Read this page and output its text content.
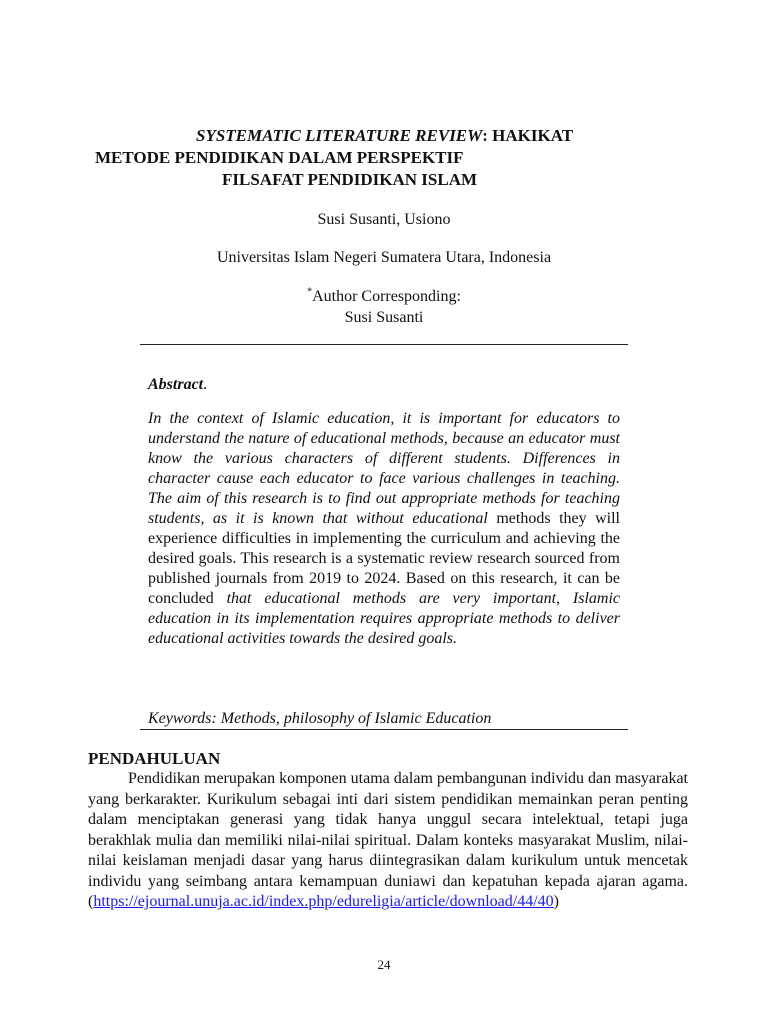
SYSTEMATIC LITERATURE REVIEW: HAKIKAT
METODE PENDIDIKAN DALAM PERSPEKTIF
FILSAFAT PENDIDIKAN ISLAM
Susi Susanti, Usiono
Universitas Islam Negeri Sumatera Utara, Indonesia
*Author Corresponding:
Susi Susanti
Abstract.
In the context of Islamic education, it is important for educators to understand the nature of educational methods, because an educator must know the various characters of different students. Differences in character cause each educator to face various challenges in teaching. The aim of this research is to find out appropriate methods for teaching students, as it is known that without educational methods they will experience difficulties in implementing the curriculum and achieving the desired goals. This research is a systematic review research sourced from published journals from 2019 to 2024. Based on this research, it can be concluded that educational methods are very important, Islamic education in its implementation requires appropriate methods to deliver educational activities towards the desired goals.
Keywords: Methods, philosophy of Islamic Education
PENDAHULUAN
Pendidikan merupakan komponen utama dalam pembangunan individu dan masyarakat yang berkarakter. Kurikulum sebagai inti dari sistem pendidikan memainkan peran penting dalam menciptakan generasi yang tidak hanya unggul secara intelektual, tetapi juga berakhlak mulia dan memiliki nilai-nilai spiritual. Dalam konteks masyarakat Muslim, nilai-nilai keislaman menjadi dasar yang harus diintegrasikan dalam kurikulum untuk mencetak individu yang seimbang antara kemampuan duniawi dan kepatuhan kepada ajaran agama. (https://ejournal.unuja.ac.id/index.php/edureligia/article/download/44/40)
24
